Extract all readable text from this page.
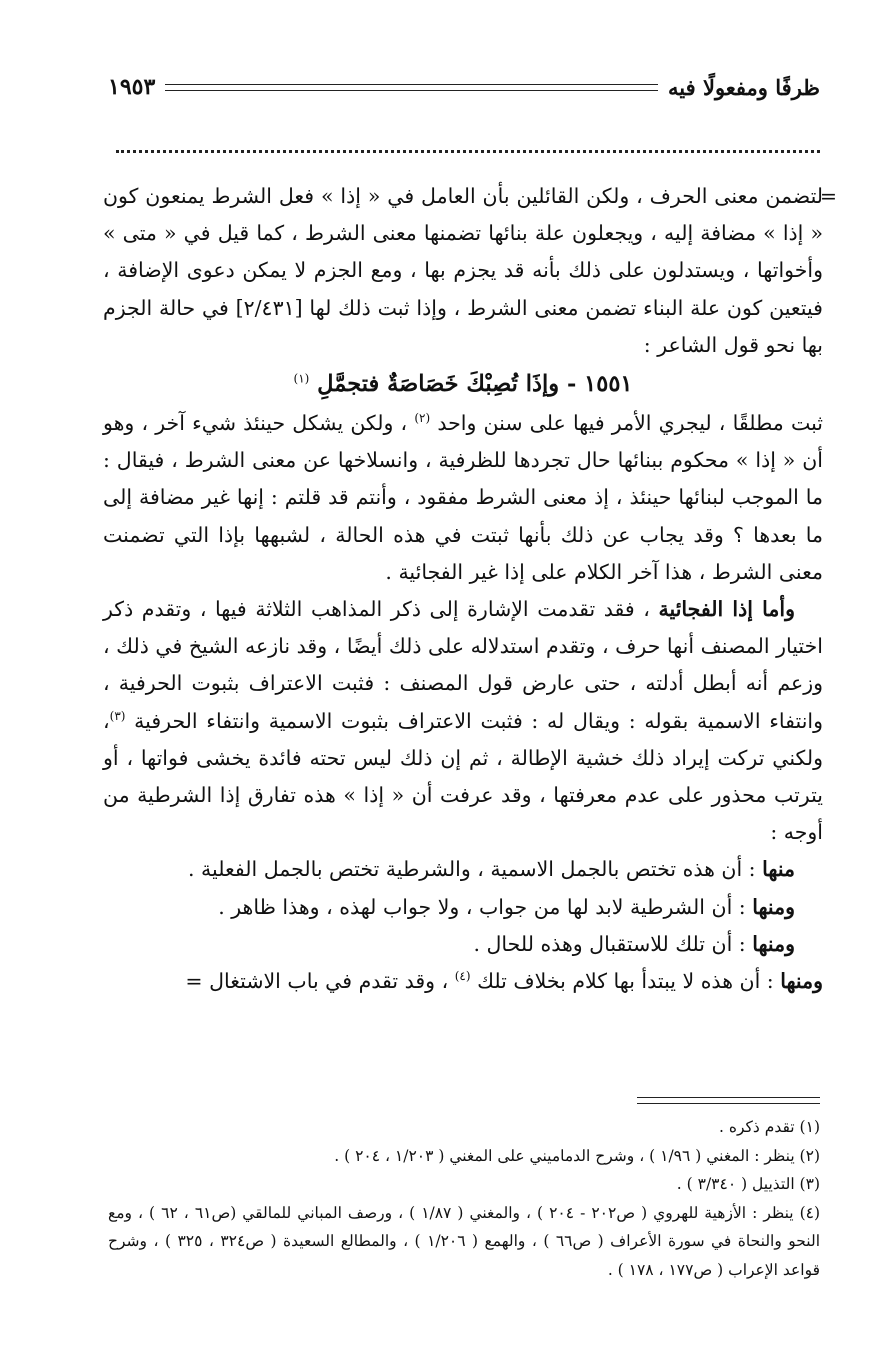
ظرفًا ومفعولًا فيه
١٩٥٣

=
لتضمن معنى الحرف ، ولكن القائلين بأن العامل في « إذا » فعل الشرط يمنعون كون « إذا » مضافة إليه ، ويجعلون علة بنائها تضمنها معنى الشرط ، كما قيل في « متى » وأخواتها ، ويستدلون على ذلك بأنه قد يجزم بها ، ومع الجزم لا يمكن دعوى الإضافة ، فيتعين كون علة البناء تضمن معنى الشرط ، وإذا ثبت ذلك لها [٢/٤٣١] في حالة الجزم بها نحو قول الشاعر :

١٥٥١ - وإذَا تُصِبْكَ خَصَاصَةٌ فتجمَّلِ $^{(١)}$

ثبت مطلقًا ، ليجري الأمر فيها على سنن واحد $^{(٢)}$ ، ولكن يشكل حينئذ شيء آخر ، وهو أن « إذا » محكوم ببنائها حال تجردها للظرفية ، وانسلاخها عن معنى الشرط ، فيقال : ما الموجب لبنائها حينئذ ، إذ معنى الشرط مفقود ، وأنتم قد قلتم : إنها غير مضافة إلى ما بعدها ؟ وقد يجاب عن ذلك بأنها ثبتت في هذه الحالة ، لشبهها بإذا التي تضمنت معنى الشرط ، هذا آخر الكلام على إذا غير الفجائية .

وأما إذا الفجائية ، فقد تقدمت الإشارة إلى ذكر المذاهب الثلاثة فيها ، وتقدم ذكر اختيار المصنف أنها حرف ، وتقدم استدلاله على ذلك أيضًا ، وقد نازعه الشيخ في ذلك ، وزعم أنه أبطل أدلته ، حتى عارض قول المصنف : فثبت الاعتراف بثبوت الحرفية ، وانتفاء الاسمية بقوله : ويقال له : فثبت الاعتراف بثبوت الاسمية وانتفاء الحرفية $^{(٣)}$، ولكني تركت إيراد ذلك خشية الإطالة ، ثم إن ذلك ليس تحته فائدة يخشى فواتها ، أو يترتب محذور على عدم معرفتها ، وقد عرفت أن « إذا » هذه تفارق إذا الشرطية من أوجه :

منها : أن هذه تختص بالجمل الاسمية ، والشرطية تختص بالجمل الفعلية .

ومنها : أن الشرطية لابد لها من جواب ، ولا جواب لهذه ، وهذا ظاهر .

ومنها : أن تلك للاستقبال وهذه للحال .

ومنها : أن هذه لا يبتدأ بها كلام بخلاف تلك $^{(٤)}$ ، وقد تقدم في باب الاشتغال =

(١) تقدم ذكره .

(٢) ينظر : المغني ( ١/٩٦ ) ، وشرح الدماميني على المغني ( ١/٢٠٣ ، ٢٠٤ ) .

(٣) التذييل ( ٣/٣٤٠ ) .

(٤) ينظر : الأزهية للهروي ( ص٢٠٢ - ٢٠٤ ) ، والمغني ( ١/٨٧ ) ، ورصف المباني للمالقي (ص٦١ ، ٦٢ ) ، ومع النحو والنحاة في سورة الأعراف ( ص٦٦ ) ، والهمع ( ١/٢٠٦ ) ، والمطالع السعيدة ( ص٣٢٤ ، ٣٢٥ ) ، وشرح قواعد الإعراب ( ص١٧٧ ، ١٧٨ ) .
